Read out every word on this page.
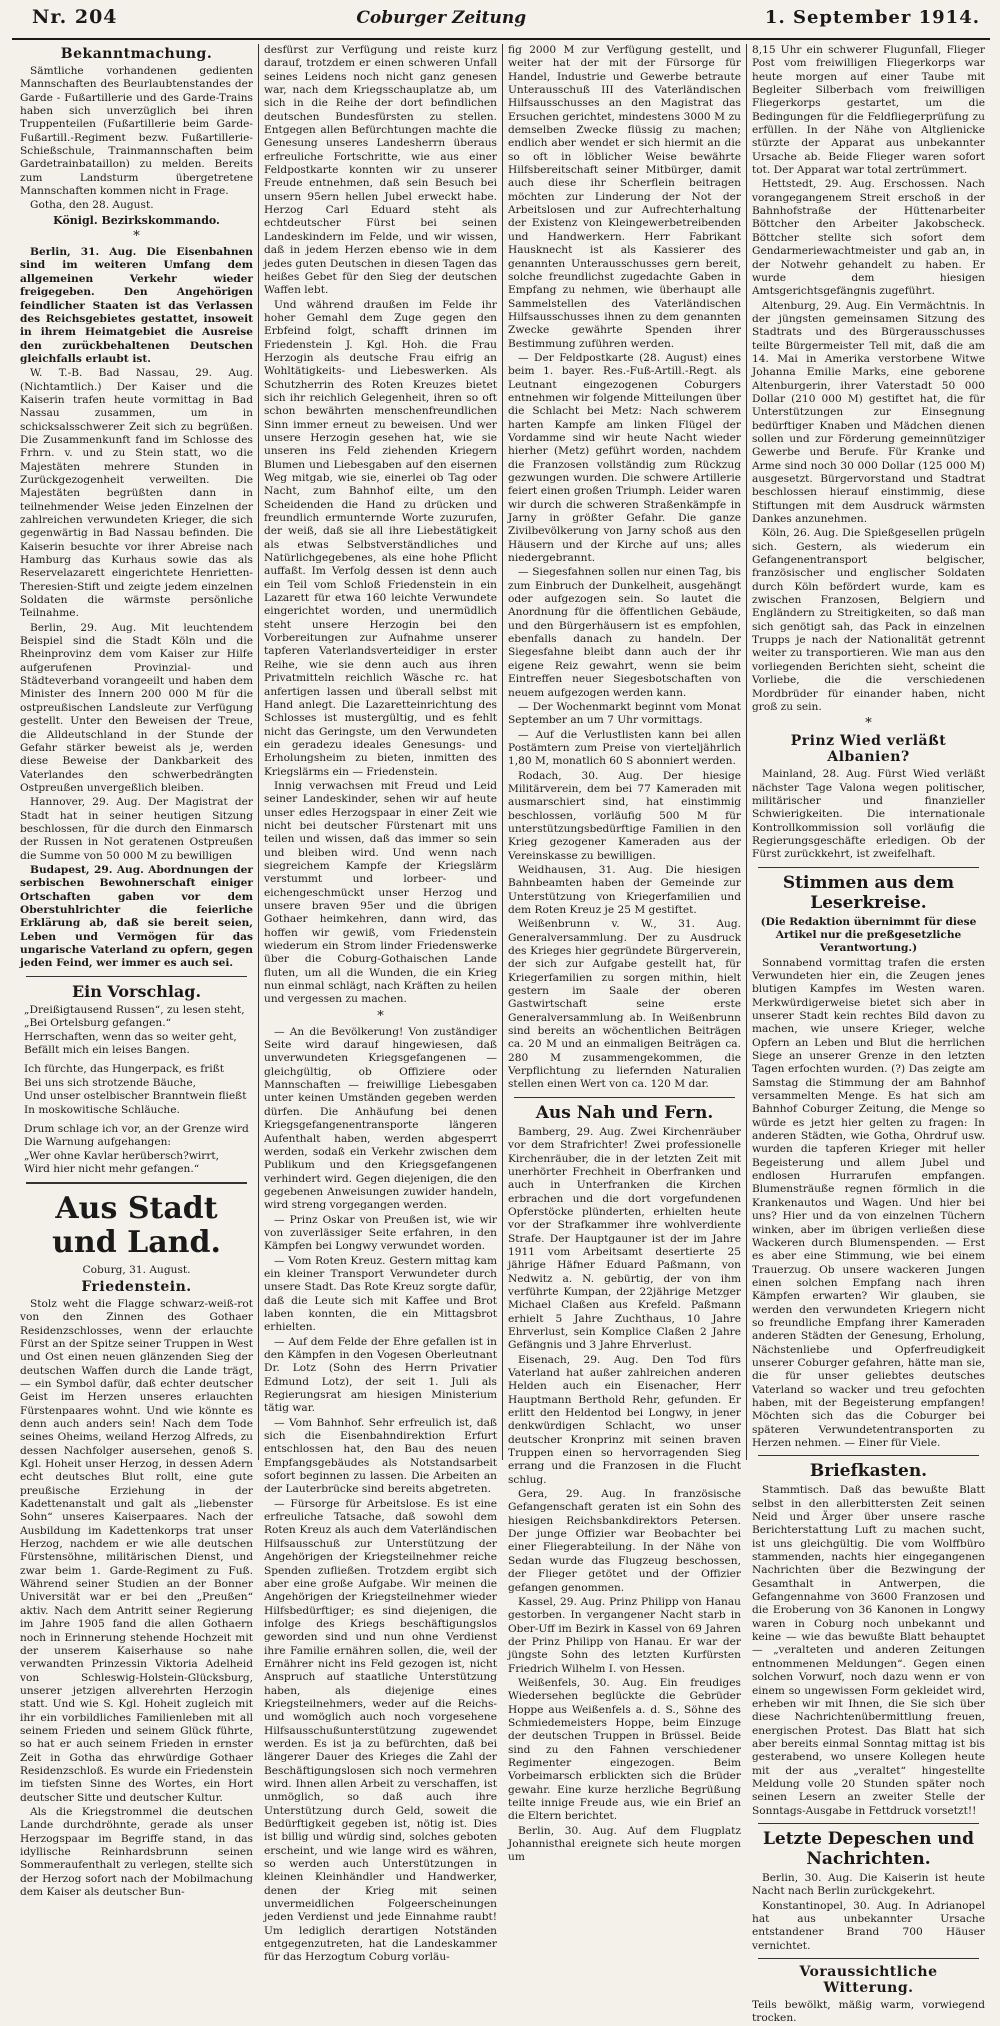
Nr. 204	Coburger Zeitung	1. September 1914.
Bekanntmachung.

Sämtliche vorhandenen gedienten Mannschaften des Beurlaubtenstandes der Garde - Fußartillerie und des Garde-Trains haben sich unverzüglich bei ihren Truppenteilen (Fußartillerie beim Garde-Fußartill.-Regiment bezw. Fußartillerie-Schießschule, Trainmannschaften beim Gardetrainbataillon) zu melden. Bereits zum Landsturm übergetretene Mannschaften kommen nicht in Frage.

Gotha, den 28. August.

Königl. Bezirkskommando.

*

Berlin, 31. Aug. Die Eisenbahnen sind im weiteren Umfang dem allgemeinen Verkehr wieder freigegeben. Den Angehörigen feindlicher Staaten ist das Verlassen des Reichsgebietes gestattet, insoweit in ihrem Heimatgebiet die Ausreise den zurückbehaltenen Deutschen gleichfalls erlaubt ist.

W. T.-B. Bad Nassau, 29. Aug. (Nichtamtlich.) Der Kaiser und die Kaiserin trafen heute vormittag in Bad Nassau zusammen, um in schicksalsschwerer Zeit sich zu begrüßen. Die Zusammenkunft fand im Schlosse des Frhrn. v. und zu Stein statt, wo die Majestäten mehrere Stunden in Zurückgezogenheit verweilten. Die Majestäten begrüßten dann in teilnehmender Weise jeden Einzelnen der zahlreichen verwundeten Krieger, die sich gegenwärtig in Bad Nassau befinden. Die Kaiserin besuchte vor ihrer Abreise nach Hamburg das Kurhaus sowie das als Reservelazarett eingerichtete Henrietten-Theresien-Stift und zeigte jedem einzelnen Soldaten die wärmste persönliche Teilnahme.

Berlin, 29. Aug. Mit leuchtendem Beispiel sind die Stadt Köln und die Rheinprovinz dem vom Kaiser zur Hilfe aufgerufenen Provinzial- und Städteverband vorangeeilt und haben dem Minister des Innern 200 000 M für die ostpreußischen Landsleute zur Verfügung gestellt. Unter den Beweisen der Treue, die Alldeutschland in der Stunde der Gefahr stärker beweist als je, werden diese Beweise der Dankbarkeit des Vaterlandes den schwerbedrängten Ostpreußen unvergeßlich bleiben.

Hannover, 29. Aug. Der Magistrat der Stadt hat in seiner heutigen Sitzung beschlossen, für die durch den Einmarsch der Russen in Not geratenen Ostpreußen die Summe von 50 000 M zu bewilligen

Budapest, 29. Aug. Abordnungen der serbischen Bewohnerschaft einiger Ortschaften gaben vor dem Oberstuhlrichter die feierliche Erklärung ab, daß sie bereit seien, Leben und Vermögen für das ungarische Vaterland zu opfern, gegen jeden Feind, wer immer es auch sei.

Ein Vorschlag.
„Dreißigtausend Russen“, zu lesen steht,
„Bei Ortelsburg gefangen.“
Herrschaften, wenn das so weiter geht,
Befällt mich ein leises Bangen.
Ich fürchte, das Hungerpack, es frißt
Bei uns sich strotzende Bäuche,
Und unser ostelbischer Branntwein fließt
In moskowitische Schläuche.
Drum schlage ich vor, an der Grenze wird
Die Warnung aufgehangen:
„Wer ohne Kavlar herübersch?wirrt,
Wird hier nicht mehr gefangen.“
Aus Stadt und Land.

Coburg, 31. August.

Friedenstein.

Stolz weht die Flagge schwarz-weiß-rot von den Zinnen des Gothaer Residenzschlosses, wenn der erlauchte Fürst an der Spitze seiner Truppen in West und Ost einen neuen glänzenden Sieg der deutschen Waffen durch die Lande trägt, — ein Symbol dafür, daß echter deutscher Geist im Herzen unseres erlauchten Fürstenpaares wohnt. Und wie könnte es denn auch anders sein! Nach dem Tode seines Oheims, weiland Herzog Alfreds, zu dessen Nachfolger ausersehen, genoß S. Kgl. Hoheit unser Herzog, in dessen Adern echt deutsches Blut rollt, eine gute preußische Erziehung in der Kadettenanstalt und galt als „liebenster Sohn“ unseres Kaiserpaares. Nach der Ausbildung im Kadettenkorps trat unser Herzog, nachdem er wie alle deutschen Fürstensöhne, militärischen Dienst, und zwar beim 1. Garde-Regiment zu Fuß. Während seiner Studien an der Bonner Universität war er bei den „Preußen“ aktiv. Nach dem Antritt seiner Regierung im Jahre 1905 fand die allen Gothaern noch in Erinnerung stehende Hochzeit mit der unserem Kaiserhause so nahe verwandten Prinzessin Viktoria Adelheid von Schleswig-Holstein-Glücksburg, unserer jetzigen allverehrten Herzogin statt. Und wie S. Kgl. Hoheit zugleich mit ihr ein vorbildliches Familienleben mit all seinem Frieden und seinem Glück führte, so hat er auch seinem Frieden in ernster Zeit in Gotha das ehrwürdige Gothaer Residenzschloß. Es wurde ein Friedenstein im tiefsten Sinne des Wortes, ein Hort deutscher Sitte und deutscher Kultur.

Als die Kriegstrommel die deutschen Lande durchdröhnte, gerade als unser Herzogspaar im Begriffe stand, in das idyllische Reinhardsbrunn seinen Sommeraufenthalt zu verlegen, stellte sich der Herzog sofort nach der Mobilmachung dem Kaiser als deutscher Bun-

desfürst zur Verfügung und reiste kurz darauf, trotzdem er einen schweren Unfall seines Leidens noch nicht ganz genesen war, nach dem Kriegsschauplatze ab, um sich in die Reihe der dort befindlichen deutschen Bundesfürsten zu stellen. Entgegen allen Befürchtungen machte die Genesung unseres Landesherrn überaus erfreuliche Fortschritte, wie aus einer Feldpostkarte konnten wir zu unserer Freude entnehmen, daß sein Besuch bei unsern 95ern hellen Jubel erweckt habe. Herzog Carl Eduard steht als echtdeutscher Fürst bei seinen Landeskindern im Felde, und wir wissen, daß in jedem Herzen ebenso wie in dem jedes guten Deutschen in diesen Tagen das heißes Gebet für den Sieg der deutschen Waffen lebt.

Und während draußen im Felde ihr hoher Gemahl dem Zuge gegen den Erbfeind folgt, schafft drinnen im Friedenstein J. Kgl. Hoh. die Frau Herzogin als deutsche Frau eifrig an Wohltätigkeits- und Liebeswerken. Als Schutzherrin des Roten Kreuzes bietet sich ihr reichlich Gelegenheit, ihren so oft schon bewährten menschenfreundlichen Sinn immer erneut zu beweisen. Und wer unsere Herzogin gesehen hat, wie sie unseren ins Feld ziehenden Kriegern Blumen und Liebesgaben auf den eisernen Weg mitgab, wie sie, einerlei ob Tag oder Nacht, zum Bahnhof eilte, um den Scheidenden die Hand zu drücken und freundlich ermunternde Worte zuzurufen, der weiß, daß sie all ihre Liebestätigkeit als etwas Selbstverständliches und Natürlichgegebenes, als eine hohe Pflicht auffaßt. Im Verfolg dessen ist denn auch ein Teil vom Schloß Friedenstein in ein Lazarett für etwa 160 leichte Verwundete eingerichtet worden, und unermüdlich steht unsere Herzogin bei den Vorbereitungen zur Aufnahme unserer tapferen Vaterlandsverteidiger in erster Reihe, wie sie denn auch aus ihren Privatmitteln reichlich Wäsche rc. hat anfertigen lassen und überall selbst mit Hand anlegt. Die Lazaretteinrichtung des Schlosses ist mustergültig, und es fehlt nicht das Geringste, um den Verwundeten ein geradezu ideales Genesungs- und Erholungsheim zu bieten, inmitten des Kriegslärms ein — Friedenstein.

Innig verwachsen mit Freud und Leid seiner Landeskinder, sehen wir auf heute unser edles Herzogspaar in einer Zeit wie nicht bei deutscher Fürstenart mit uns teilen und wissen, daß das immer so sein und bleiben wird. Und wenn nach siegreichem Kampfe der Kriegslärm verstummt und lorbeer- und eichengeschmückt unser Herzog und unsere braven 95er und die übrigen Gothaer heimkehren, dann wird, das hoffen wir gewiß, vom Friedenstein wiederum ein Strom linder Friedenswerke über die Coburg-Gothaischen Lande fluten, um all die Wunden, die ein Krieg nun einmal schlägt, nach Kräften zu heilen und vergessen zu machen.

*

— An die Bevölkerung! Von zuständiger Seite wird darauf hingewiesen, daß unverwundeten Kriegsgefangenen — gleichgültig, ob Offiziere oder Mannschaften — freiwillige Liebesgaben unter keinen Umständen gegeben werden dürfen. Die Anhäufung bei denen Kriegsgefangenentransporte längeren Aufenthalt haben, werden abgesperrt werden, sodaß ein Verkehr zwischen dem Publikum und den Kriegsgefangenen verhindert wird. Gegen diejenigen, die den gegebenen Anweisungen zuwider handeln, wird streng vorgegangen werden.

— Prinz Oskar von Preußen ist, wie wir von zuverlässiger Seite erfahren, in den Kämpfen bei Longwy verwundet worden.

— Vom Roten Kreuz. Gestern mittag kam ein kleiner Transport Verwundeter durch unsere Stadt. Das Rote Kreuz sorgte dafür, daß die Leute sich mit Kaffee und Brot laben konnten, die ein Mittagsbrot erhielten.

— Auf dem Felde der Ehre gefallen ist in den Kämpfen in den Vogesen Oberleutnant Dr. Lotz (Sohn des Herrn Privatier Edmund Lotz), der seit 1. Juli als Regierungsrat am hiesigen Ministerium tätig war.

— Vom Bahnhof. Sehr erfreulich ist, daß sich die Eisenbahndirektion Erfurt entschlossen hat, den Bau des neuen Empfangsgebäudes als Notstandsarbeit sofort beginnen zu lassen. Die Arbeiten an der Lauterbrücke sind bereits abgetreten.

— Fürsorge für Arbeitslose. Es ist eine erfreuliche Tatsache, daß sowohl dem Roten Kreuz als auch dem Vaterländischen Hilfsausschuß zur Unterstützung der Angehörigen der Kriegsteilnehmer reiche Spenden zufließen. Trotzdem ergibt sich aber eine große Aufgabe. Wir meinen die Angehörigen der Kriegsteilnehmer wieder Hilfsbedürftiger; es sind diejenigen, die infolge des Kriegs beschäftigungslos geworden sind und nun ohne Verdienst ihre Familie ernähren sollen, die, weil der Ernährer nicht ins Feld gezogen ist, nicht Anspruch auf staatliche Unterstützung haben, als diejenige eines Kriegsteilnehmers, weder auf die Reichs- und womöglich auch noch vorgesehene Hilfsausschußunterstützung zugewendet werden. Es ist ja zu befürchten, daß bei längerer Dauer des Krieges die Zahl der Beschäftigungslosen sich noch vermehren wird. Ihnen allen Arbeit zu verschaffen, ist unmöglich, so daß auch ihre Unterstützung durch Geld, soweit die Bedürftigkeit gegeben ist, nötig ist. Dies ist billig und würdig sind, solches geboten erscheint, und wie lange wird es währen, so werden auch Unterstützungen in kleinen Kleinhändler und Handwerker, denen der Krieg mit seinen unvermeidlichen Folgeerscheinungen jeden Verdienst und jede Einnahme raubt! Um lediglich derartigen Notständen entgegenzutreten, hat die Landeskammer für das Herzogtum Coburg vorläu-

fig 2000 M zur Verfügung gestellt, und weiter hat der mit der Fürsorge für Handel, Industrie und Gewerbe betraute Unterausschuß III des Vaterländischen Hilfsausschusses an den Magistrat das Ersuchen gerichtet, mindestens 3000 M zu demselben Zwecke flüssig zu machen; endlich aber wendet er sich hiermit an die so oft in löblicher Weise bewährte Hilfsbereitschaft seiner Mitbürger, damit auch diese ihr Scherflein beitragen möchten zur Linderung der Not der Arbeitslosen und zur Aufrechterhaltung der Existenz von Kleingewerbetreibenden und Handwerkern. Herr Fabrikant Hausknecht ist als Kassierer des genannten Unterausschusses gern bereit, solche freundlichst zugedachte Gaben in Empfang zu nehmen, wie überhaupt alle Sammelstellen des Vaterländischen Hilfsausschusses ihnen zu dem genannten Zwecke gewährte Spenden ihrer Bestimmung zuführen werden.

— Der Feldpostkarte (28. August) eines beim 1. bayer. Res.-Fuß-Artill.-Regt. als Leutnant eingezogenen Coburgers entnehmen wir folgende Mitteilungen über die Schlacht bei Metz: Nach schwerem harten Kampfe am linken Flügel der Vordamme sind wir heute Nacht wieder hierher (Metz) geführt worden, nachdem die Franzosen vollständig zum Rückzug gezwungen wurden. Die schwere Artillerie feiert einen großen Triumph. Leider waren wir durch die schweren Straßenkämpfe in Jarny in größter Gefahr. Die ganze Zivilbevölkerung von Jarny schoß aus den Häusern und der Kirche auf uns; alles niedergebrannt.

— Siegesfahnen sollen nur einen Tag, bis zum Einbruch der Dunkelheit, ausgehängt oder aufgezogen sein. So lautet die Anordnung für die öffentlichen Gebäude, und den Bürgerhäusern ist es empfohlen, ebenfalls danach zu handeln. Der Siegesfahne bleibt dann auch der ihr eigene Reiz gewahrt, wenn sie beim Eintreffen neuer Siegesbotschaften von neuem aufgezogen werden kann.

— Der Wochenmarkt beginnt vom Monat September an um 7 Uhr vormittags.

— Auf die Verlustlisten kann bei allen Postämtern zum Preise von vierteljährlich 1,80 M, monatlich 60 S abonniert werden.

Rodach, 30. Aug. Der hiesige Militärverein, dem bei 77 Kameraden mit ausmarschiert sind, hat einstimmig beschlossen, vorläufig 500 M für unterstützungsbedürftige Familien in den Krieg gezogener Kameraden aus der Vereinskasse zu bewilligen.

Weidhausen, 31. Aug. Die hiesigen Bahnbeamten haben der Gemeinde zur Unterstützung von Kriegerfamilien und dem Roten Kreuz je 25 M gestiftet.

Weißenbrunn v. W., 31. Aug. Generalversammlung. Der zu Ausdruck des Krieges hier gegründete Bürgerverein, der sich zur Aufgabe gestellt hat, für Kriegerfamilien zu sorgen mithin, hielt gestern im Saale der oberen Gastwirtschaft seine erste Generalversammlung ab. In Weißenbrunn sind bereits an wöchentlichen Beiträgen ca. 20 M und an einmaligen Beiträgen ca. 280 M zusammengekommen, die Verpflichtung zu liefernden Naturalien stellen einen Wert von ca. 120 M dar.

Aus Nah und Fern.

Bamberg, 29. Aug. Zwei Kirchenräuber vor dem Strafrichter! Zwei professionelle Kirchenräuber, die in der letzten Zeit mit unerhörter Frechheit in Oberfranken und auch in Unterfranken die Kirchen erbrachen und die dort vorgefundenen Opferstöcke plünderten, erhielten heute vor der Strafkammer ihre wohlverdiente Strafe. Der Hauptgauner ist der im Jahre 1911 vom Arbeitsamt desertierte 25 jährige Häfner Eduard Paßmann, von Nedwitz a. N. gebürtig, der von ihm verführte Kumpan, der 22jährige Metzger Michael Claßen aus Krefeld. Paßmann erhielt 5 Jahre Zuchthaus, 10 Jahre Ehrverlust, sein Komplice Claßen 2 Jahre Gefängnis und 3 Jahre Ehrverlust.

Eisenach, 29. Aug. Den Tod fürs Vaterland hat außer zahlreichen anderen Helden auch ein Eisenacher, Herr Hauptmann Berthold Rehr, gefunden. Er erlitt den Heldentod bei Longwy, in jener denkwürdigen Schlacht, wo unser deutscher Kronprinz mit seinen braven Truppen einen so hervorragenden Sieg errang und die Franzosen in die Flucht schlug.

Gera, 29. Aug. In französische Gefangenschaft geraten ist ein Sohn des hiesigen Reichsbankdirektors Petersen. Der junge Offizier war Beobachter bei einer Fliegerabteilung. In der Nähe von Sedan wurde das Flugzeug beschossen, der Flieger getötet und der Offizier gefangen genommen.

Kassel, 29. Aug. Prinz Philipp von Hanau gestorben. In vergangener Nacht starb in Ober-Uff im Bezirk in Kassel von 69 Jahren der Prinz Philipp von Hanau. Er war der jüngste Sohn des letzten Kurfürsten Friedrich Wilhelm I. von Hessen.

Weißenfels, 30. Aug. Ein freudiges Wiedersehen beglückte die Gebrüder Hoppe aus Weißenfels a. d. S., Söhne des Schmiedemeisters Hoppe, beim Einzuge der deutschen Truppen in Brüssel. Beide sind zu den Fahnen verschiedener Regimenter eingezogen. Beim Vorbeimarsch erblickten sich die Brüder gewahr. Eine kurze herzliche Begrüßung teilte innige Freude aus, wie ein Brief an die Eltern berichtet.

Berlin, 30. Aug. Auf dem Flugplatz Johannisthal ereignete sich heute morgen um

8,15 Uhr ein schwerer Flugunfall, Flieger Post vom freiwilligen Fliegerkorps war heute morgen auf einer Taube mit Begleiter Silberbach vom freiwilligen Fliegerkorps gestartet, um die Bedingungen für die Feldfliegerprüfung zu erfüllen. In der Nähe von Altglienicke stürzte der Apparat aus unbekannter Ursache ab. Beide Flieger waren sofort tot. Der Apparat war total zertrümmert.

Hettstedt, 29. Aug. Erschossen. Nach vorangegangenem Streit erschoß in der Bahnhofstraße der Hüttenarbeiter Böttcher den Arbeiter Jakobscheck. Böttcher stellte sich sofort dem Gendarmeriewachtmeister und gab an, in der Notwehr gehandelt zu haben. Er wurde dem hiesigen Amtsgerichtsgefängnis zugeführt.

Altenburg, 29. Aug. Ein Vermächtnis. In der jüngsten gemeinsamen Sitzung des Stadtrats und des Bürgerausschusses teilte Bürgermeister Tell mit, daß die am 14. Mai in Amerika verstorbene Witwe Johanna Emilie Marks, eine geborene Altenburgerin, ihrer Vaterstadt 50 000 Dollar (210 000 M) gestiftet hat, die für Unterstützungen zur Einsegnung bedürftiger Knaben und Mädchen dienen sollen und zur Förderung gemeinnütziger Gewerbe und Berufe. Für Kranke und Arme sind noch 30 000 Dollar (125 000 M) ausgesetzt. Bürgervorstand und Stadtrat beschlossen hierauf einstimmig, diese Stiftungen mit dem Ausdruck wärmsten Dankes anzunehmen.

Köln, 26. Aug. Die Spießgesellen prügeln sich. Gestern, als wiederum ein Gefangenentransport belgischer, französischer und englischer Soldaten durch Köln befördert wurde, kam es zwischen Franzosen, Belgiern und Engländern zu Streitigkeiten, so daß man sich genötigt sah, das Pack in einzelnen Trupps je nach der Nationalität getrennt weiter zu transportieren. Wie man aus den vorliegenden Berichten sieht, scheint die Vorliebe, die die verschiedenen Mordbrüder für einander haben, nicht groß zu sein.

*
Prinz Wied verläßt Albanien?

Mainland, 28. Aug. Fürst Wied verläßt nächster Tage Valona wegen politischer, militärischer und finanzieller Schwierigkeiten. Die internationale Kontrollkommission soll vorläufig die Regierungsgeschäfte erledigen. Ob der Fürst zurückkehrt, ist zweifelhaft.

Stimmen aus dem Leserkreise.

(Die Redaktion übernimmt für diese Artikel nur die preßgesetzliche Verantwortung.)

Sonnabend vormittag trafen die ersten Verwundeten hier ein, die Zeugen jenes blutigen Kampfes im Westen waren. Merkwürdigerweise bietet sich aber in unserer Stadt kein rechtes Bild davon zu machen, wie unsere Krieger, welche Opfern an Leben und Blut die herrlichen Siege an unserer Grenze in den letzten Tagen erfochten wurden. (?) Das zeigte am Samstag die Stimmung der am Bahnhof versammelten Menge. Es hat sich am Bahnhof Coburger Zeitung, die Menge so würde es jetzt hier gelten zu fragen: In anderen Städten, wie Gotha, Ohrdruf usw. wurden die tapferen Krieger mit heller Begeisterung und allem Jubel und endlosen Hurrarufen empfangen. Blumensträuße regnen förmlich in die Krankenautos und Wagen. Und hier bei uns? Hier und da von einzelnen Tüchern winken, aber im übrigen verließen diese Wackeren durch Blumenspenden. — Erst es aber eine Stimmung, wie bei einem Trauerzug. Ob unsere wackeren Jungen einen solchen Empfang nach ihren Kämpfen erwarten? Wir glauben, sie werden den verwundeten Kriegern nicht so freundliche Empfang ihrer Kameraden anderen Städten der Genesung, Erholung, Nächstenliebe und Opferfreudigkeit unserer Coburger gefahren, hätte man sie, die für unser geliebtes deutsches Vaterland so wacker und treu gefochten haben, mit der Begeisterung empfangen! Möchten sich das die Coburger bei späteren Verwundetentransporten zu Herzen nehmen. — Einer für Viele.

Briefkasten.

Stammtisch. Daß das bewußte Blatt selbst in den allerbittersten Zeit seinen Neid und Ärger über unsere rasche Berichterstattung Luft zu machen sucht, ist uns gleichgültig. Die vom Wolffbüro stammenden, nachts hier eingegangenen Nachrichten über die Bezwingung der Gesamthalt in Antwerpen, die Gefangennahme von 3600 Franzosen und die Eroberung von 36 Kanonen in Longwy waren in Coburg noch unbekannt und keine — wie das bewußte Blatt behauptet — „veralteten und anderen Zeitungen entnommenen Meldungen“. Gegen einen solchen Vorwurf, noch dazu wenn er von einem so ungewissen Form gekleidet wird, erheben wir mit Ihnen, die Sie sich über diese Nachrichtenübermittlung freuen, energischen Protest. Das Blatt hat sich aber bereits einmal Sonntag mittag ist bis gesterabend, wo unsere Kollegen heute mit der aus „veraltet“ hingestellte Meldung volle 20 Stunden später noch seinen Lesern an zweiter Stelle der Sonntags-Ausgabe in Fettdruck vorsetzt!!

Letzte Depeschen und Nachrichten.

Berlin, 30. Aug. Die Kaiserin ist heute Nacht nach Berlin zurückgekehrt.

Konstantinopel, 30. Aug. In Adrianopel hat aus unbekannter Ursache entstandener Brand 700 Häuser vernichtet.

Voraussichtliche Witterung.

Teils bewölkt, mäßig warm, vorwiegend trocken.
